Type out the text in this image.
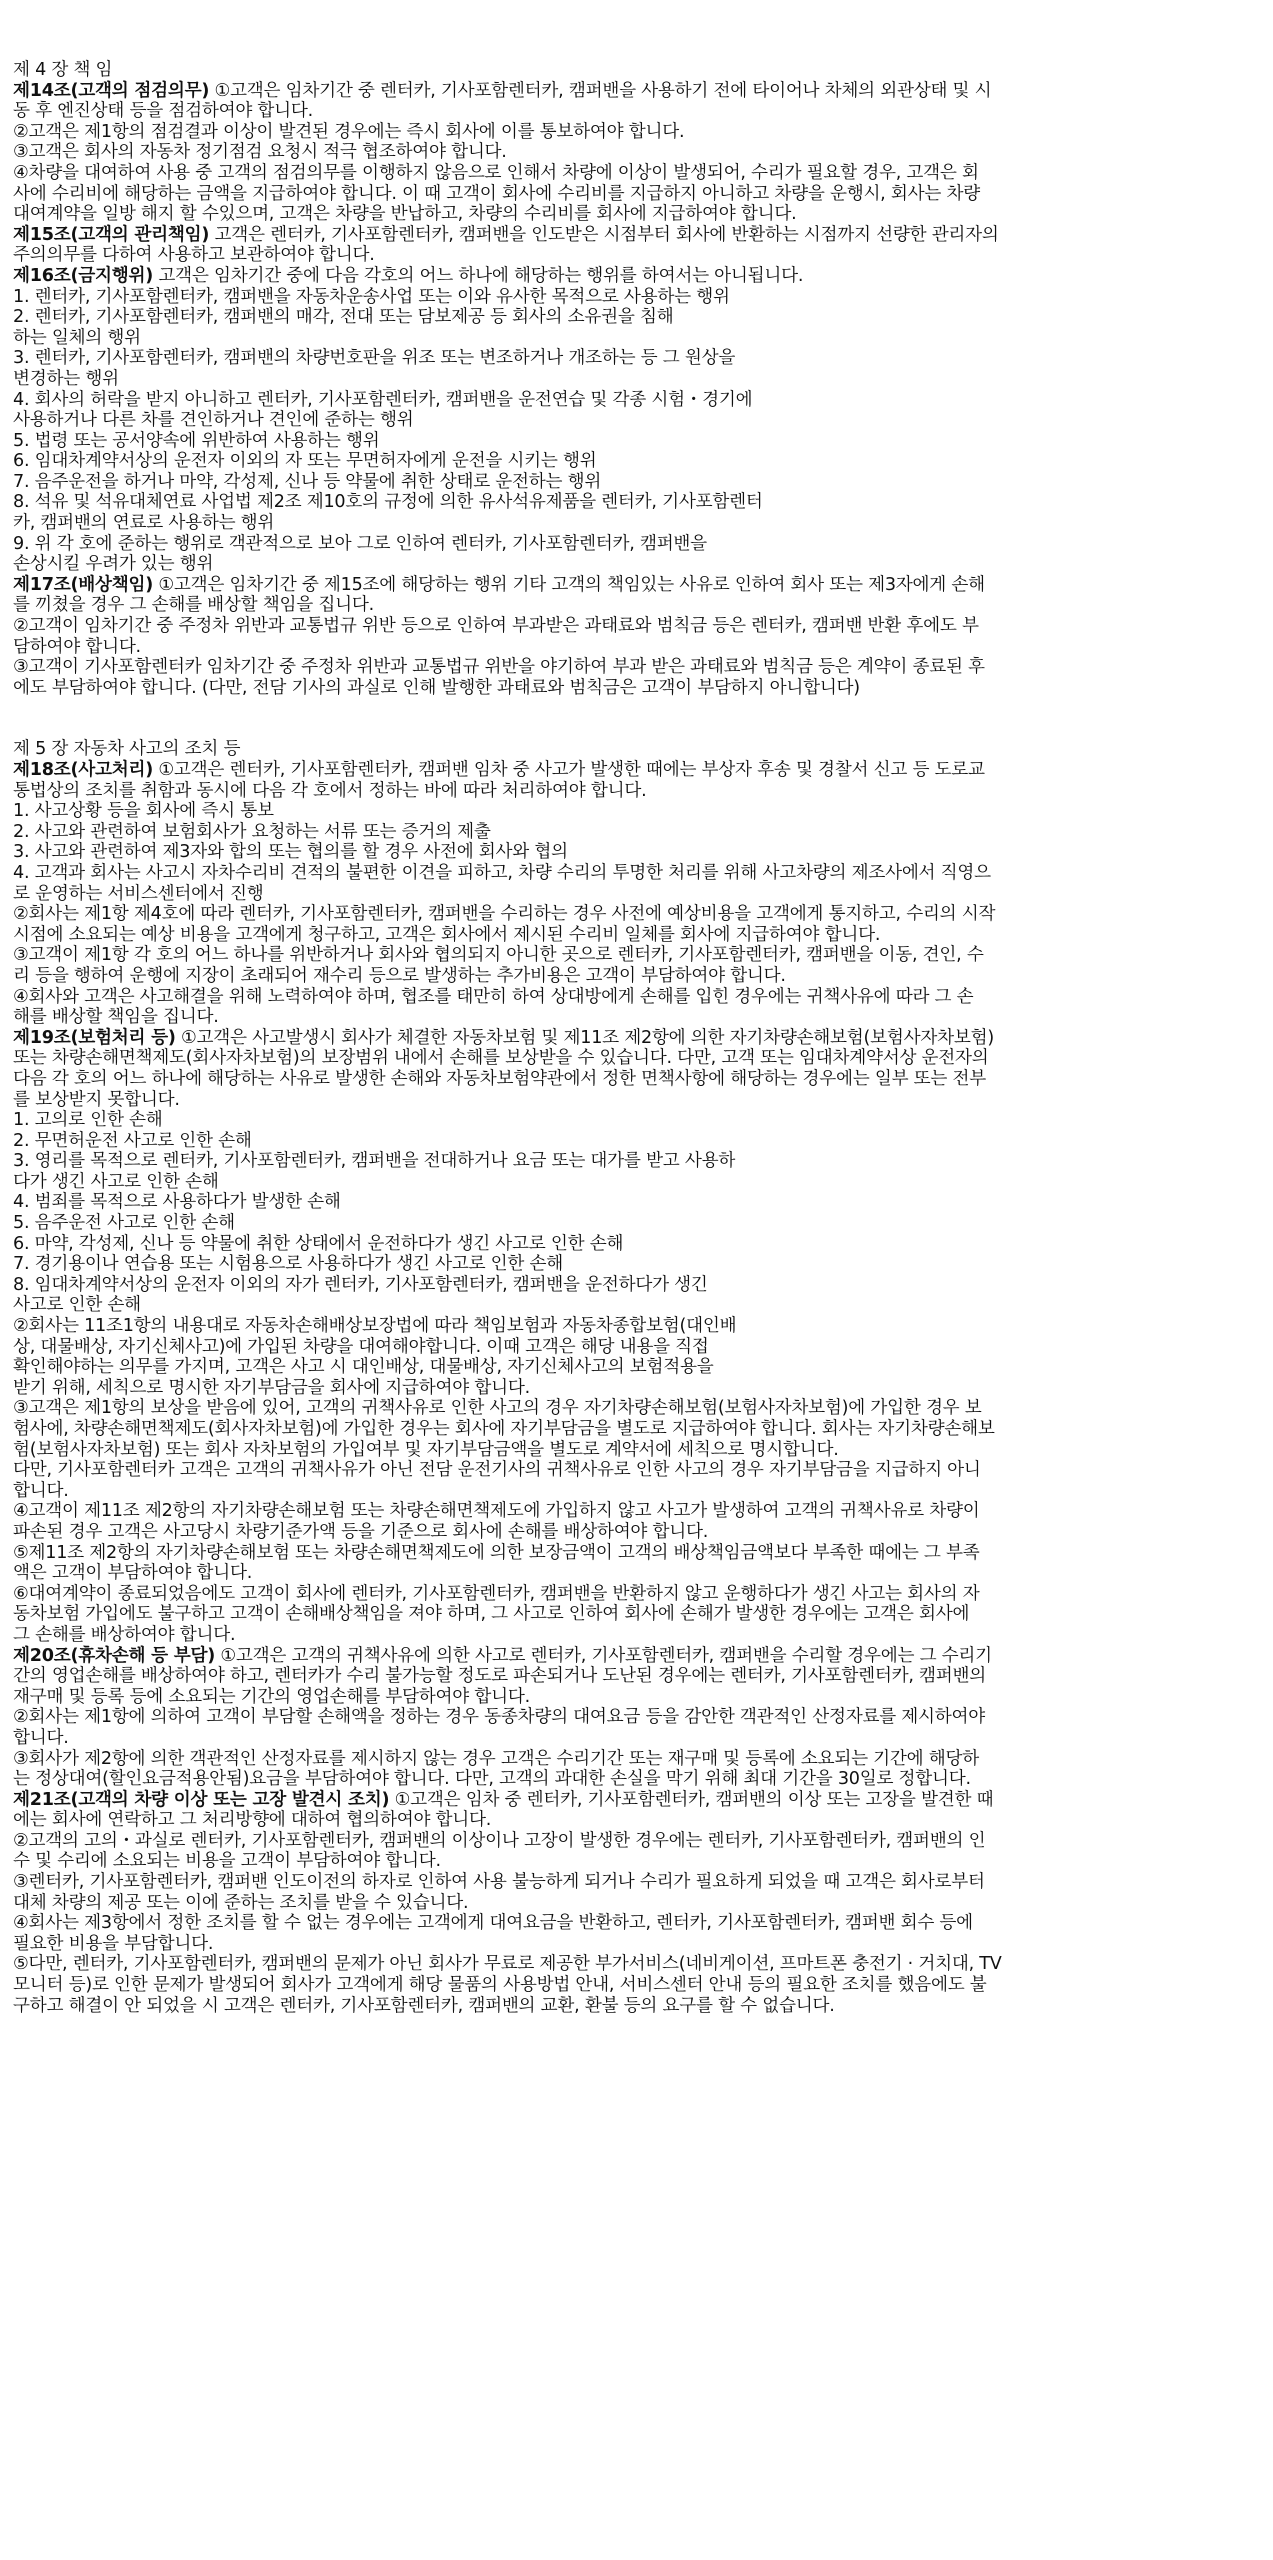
제 4 장 책 임
제14조(고객의 점검의무) ①고객은 임차기간 중 렌터카, 기사포함렌터카, 캠퍼밴을 사용하기 전에 타이어나 차체의 외관상태 및 시
동 후 엔진상태 등을 점검하여야 합니다.
②고객은 제1항의 점검결과 이상이 발견된 경우에는 즉시 회사에 이를 통보하여야 합니다.
③고객은 회사의 자동차 정기점검 요청시 적극 협조하여야 합니다.
④차량을 대여하여 사용 중 고객의 점검의무를 이행하지 않음으로 인해서 차량에 이상이 발생되어, 수리가 필요할 경우, 고객은 회
사에 수리비에 해당하는 금액을 지급하여야 합니다. 이 때 고객이 회사에 수리비를 지급하지 아니하고 차량을 운행시, 회사는 차량
대여계약을 일방 해지 할 수있으며, 고객은 차량을 반납하고, 차량의 수리비를 회사에 지급하여야 합니다.
제15조(고객의 관리책임) 고객은 렌터카, 기사포함렌터카, 캠퍼밴을 인도받은 시점부터 회사에 반환하는 시점까지 선량한 관리자의
주의의무를 다하여 사용하고 보관하여야 합니다.
제16조(금지행위) 고객은 임차기간 중에 다음 각호의 어느 하나에 해당하는 행위를 하여서는 아니됩니다.
1. 렌터카, 기사포함렌터카, 캠퍼밴을 자동차운송사업 또는 이와 유사한 목적으로 사용하는 행위
2. 렌터카, 기사포함렌터카, 캠퍼밴의 매각, 전대 또는 담보제공 등 회사의 소유권을 침해
하는 일체의 행위
3. 렌터카, 기사포함렌터카, 캠퍼밴의 차량번호판을 위조 또는 변조하거나 개조하는 등 그 원상을
변경하는 행위
4. 회사의 허락을 받지 아니하고 렌터카, 기사포함렌터카, 캠퍼밴을 운전연습 및 각종 시험・경기에
사용하거나 다른 차를 견인하거나 견인에 준하는 행위
5. 법령 또는 공서양속에 위반하여 사용하는 행위
6. 임대차계약서상의 운전자 이외의 자 또는 무면허자에게 운전을 시키는 행위
7. 음주운전을 하거나 마약, 각성제, 신나 등 약물에 취한 상태로 운전하는 행위
8. 석유 및 석유대체연료 사업법 제2조 제10호의 규정에 의한 유사석유제품을 렌터카, 기사포함렌터
카, 캠퍼밴의 연료로 사용하는 행위
9. 위 각 호에 준하는 행위로 객관적으로 보아 그로 인하여 렌터카, 기사포함렌터카, 캠퍼밴을
손상시킬 우려가 있는 행위
제17조(배상책임) ①고객은 임차기간 중 제15조에 해당하는 행위 기타 고객의 책임있는 사유로 인하여 회사 또는 제3자에게 손해
를 끼쳤을 경우 그 손해를 배상할 책임을 집니다.
②고객이 임차기간 중 주정차 위반과 교통법규 위반 등으로 인하여 부과받은 과태료와 범칙금 등은 렌터카, 캠퍼밴 반환 후에도 부
담하여야 합니다.
③고객이 기사포함렌터카 임차기간 중 주정차 위반과 교통법규 위반을 야기하여 부과 받은 과태료와 범칙금 등은 계약이 종료된 후
에도 부담하여야 합니다. (다만, 전담 기사의 과실로 인해 발행한 과태료와 범칙금은 고객이 부담하지 아니합니다)
제 5 장 자동차 사고의 조치 등
제18조(사고처리) ①고객은 렌터카, 기사포함렌터카, 캠퍼밴 임차 중 사고가 발생한 때에는 부상자 후송 및 경찰서 신고 등 도로교
통법상의 조치를 취함과 동시에 다음 각 호에서 정하는 바에 따라 처리하여야 합니다.
1. 사고상황 등을 회사에 즉시 통보
2. 사고와 관련하여 보험회사가 요청하는 서류 또는 증거의 제출
3. 사고와 관련하여 제3자와 합의 또는 협의를 할 경우 사전에 회사와 협의
4. 고객과 회사는 사고시 자차수리비 견적의 불편한 이견을 피하고, 차량 수리의 투명한 처리를 위해 사고차량의 제조사에서 직영으
로 운영하는 서비스센터에서 진행
②회사는 제1항 제4호에 따라 렌터카, 기사포함렌터카, 캠퍼밴을 수리하는 경우 사전에 예상비용을 고객에게 통지하고, 수리의 시작
시점에 소요되는 예상 비용을 고객에게 청구하고, 고객은 회사에서 제시된 수리비 일체를 회사에 지급하여야 합니다.
③고객이 제1항 각 호의 어느 하나를 위반하거나 회사와 협의되지 아니한 곳으로 렌터카, 기사포함렌터카, 캠퍼밴을 이동, 견인, 수
리 등을 행하여 운행에 지장이 초래되어 재수리 등으로 발생하는 추가비용은 고객이 부담하여야 합니다.
④회사와 고객은 사고해결을 위해 노력하여야 하며, 협조를 태만히 하여 상대방에게 손해를 입힌 경우에는 귀책사유에 따라 그 손
해를 배상할 책임을 집니다.
제19조(보험처리 등) ①고객은 사고발생시 회사가 체결한 자동차보험 및 제11조 제2항에 의한 자기차량손해보험(보험사자차보험)
또는 차량손해면책제도(회사자차보험)의 보장범위 내에서 손해를 보상받을 수 있습니다. 다만, 고객 또는 임대차계약서상 운전자의
다음 각 호의 어느 하나에 해당하는 사유로 발생한 손해와 자동차보험약관에서 정한 면책사항에 해당하는 경우에는 일부 또는 전부
를 보상받지 못합니다.
1. 고의로 인한 손해
2. 무면허운전 사고로 인한 손해
3. 영리를 목적으로 렌터카, 기사포함렌터카, 캠퍼밴을 전대하거나 요금 또는 대가를 받고 사용하
다가 생긴 사고로 인한 손해
4. 범죄를 목적으로 사용하다가 발생한 손해
5. 음주운전 사고로 인한 손해
6. 마약, 각성제, 신나 등 약물에 취한 상태에서 운전하다가 생긴 사고로 인한 손해
7. 경기용이나 연습용 또는 시험용으로 사용하다가 생긴 사고로 인한 손해
8. 임대차계약서상의 운전자 이외의 자가 렌터카, 기사포함렌터카, 캠퍼밴을 운전하다가 생긴
사고로 인한 손해
②회사는 11조1항의 내용대로 자동차손해배상보장법에 따라 책임보험과 자동차종합보험(대인배
상, 대물배상, 자기신체사고)에 가입된 차량을 대여해야합니다. 이때 고객은 해당 내용을 직접
확인해야하는 의무를 가지며, 고객은 사고 시 대인배상, 대물배상, 자기신체사고의 보험적용을
받기 위해, 세칙으로 명시한 자기부담금을 회사에 지급하여야 합니다.
③고객은 제1항의 보상을 받음에 있어, 고객의 귀책사유로 인한 사고의 경우 자기차량손해보험(보험사자차보험)에 가입한 경우 보
험사에, 차량손해면책제도(회사자차보험)에 가입한 경우는 회사에 자기부담금을 별도로 지급하여야 합니다. 회사는 자기차량손해보
험(보험사자차보험) 또는 회사 자차보험의 가입여부 및 자기부담금액을 별도로 계약서에 세칙으로 명시합니다.
다만, 기사포함렌터카 고객은 고객의 귀책사유가 아닌 전담 운전기사의 귀책사유로 인한 사고의 경우 자기부담금을 지급하지 아니
합니다.
④고객이 제11조 제2항의 자기차량손해보험 또는 차량손해면책제도에 가입하지 않고 사고가 발생하여 고객의 귀책사유로 차량이
파손된 경우 고객은 사고당시 차량기준가액 등을 기준으로 회사에 손해를 배상하여야 합니다.
⑤제11조 제2항의 자기차량손해보험 또는 차량손해면책제도에 의한 보장금액이 고객의 배상책임금액보다 부족한 때에는 그 부족
액은 고객이 부담하여야 합니다.
⑥대여계약이 종료되었음에도 고객이 회사에 렌터카, 기사포함렌터카, 캠퍼밴을 반환하지 않고 운행하다가 생긴 사고는 회사의 자
동차보험 가입에도 불구하고 고객이 손해배상책임을 져야 하며, 그 사고로 인하여 회사에 손해가 발생한 경우에는 고객은 회사에
그 손해를 배상하여야 합니다.
제20조(휴차손해 등 부담) ①고객은 고객의 귀책사유에 의한 사고로 렌터카, 기사포함렌터카, 캠퍼밴을 수리할 경우에는 그 수리기
간의 영업손해를 배상하여야 하고, 렌터카가 수리 불가능할 정도로 파손되거나 도난된 경우에는 렌터카, 기사포함렌터카, 캠퍼밴의
재구매 및 등록 등에 소요되는 기간의 영업손해를 부담하여야 합니다.
②회사는 제1항에 의하여 고객이 부담할 손해액을 정하는 경우 동종차량의 대여요금 등을 감안한 객관적인 산정자료를 제시하여야
합니다.
③회사가 제2항에 의한 객관적인 산정자료를 제시하지 않는 경우 고객은 수리기간 또는 재구매 및 등록에 소요되는 기간에 해당하
는 정상대여(할인요금적용안됨)요금을 부담하여야 합니다. 다만, 고객의 과대한 손실을 막기 위해 최대 기간을 30일로 정합니다.
제21조(고객의 차량 이상 또는 고장 발견시 조치) ①고객은 임차 중 렌터카, 기사포함렌터카, 캠퍼밴의 이상 또는 고장을 발견한 때
에는 회사에 연락하고 그 처리방향에 대하여 협의하여야 합니다.
②고객의 고의・과실로 렌터카, 기사포함렌터카, 캠퍼밴의 이상이나 고장이 발생한 경우에는 렌터카, 기사포함렌터카, 캠퍼밴의 인
수 및 수리에 소요되는 비용을 고객이 부담하여야 합니다.
③렌터카, 기사포함렌터카, 캠퍼밴 인도이전의 하자로 인하여 사용 불능하게 되거나 수리가 필요하게 되었을 때 고객은 회사로부터
대체 차량의 제공 또는 이에 준하는 조치를 받을 수 있습니다.
④회사는 제3항에서 정한 조치를 할 수 없는 경우에는 고객에게 대여요금을 반환하고, 렌터카, 기사포함렌터카, 캠퍼밴 회수 등에
필요한 비용을 부담합니다.
⑤다만, 렌터카, 기사포함렌터카, 캠퍼밴의 문제가 아닌 회사가 무료로 제공한 부가서비스(네비게이션, 프마트폰 충전기 · 거치대, TV
모니터 등)로 인한 문제가 발생되어 회사가 고객에게 해당 물품의 사용방법 안내, 서비스센터 안내 등의 필요한 조치를 했음에도 불
구하고 해결이 안 되었을 시 고객은 렌터카, 기사포함렌터카, 캠퍼밴의 교환, 환불 등의 요구를 할 수 없습니다.
